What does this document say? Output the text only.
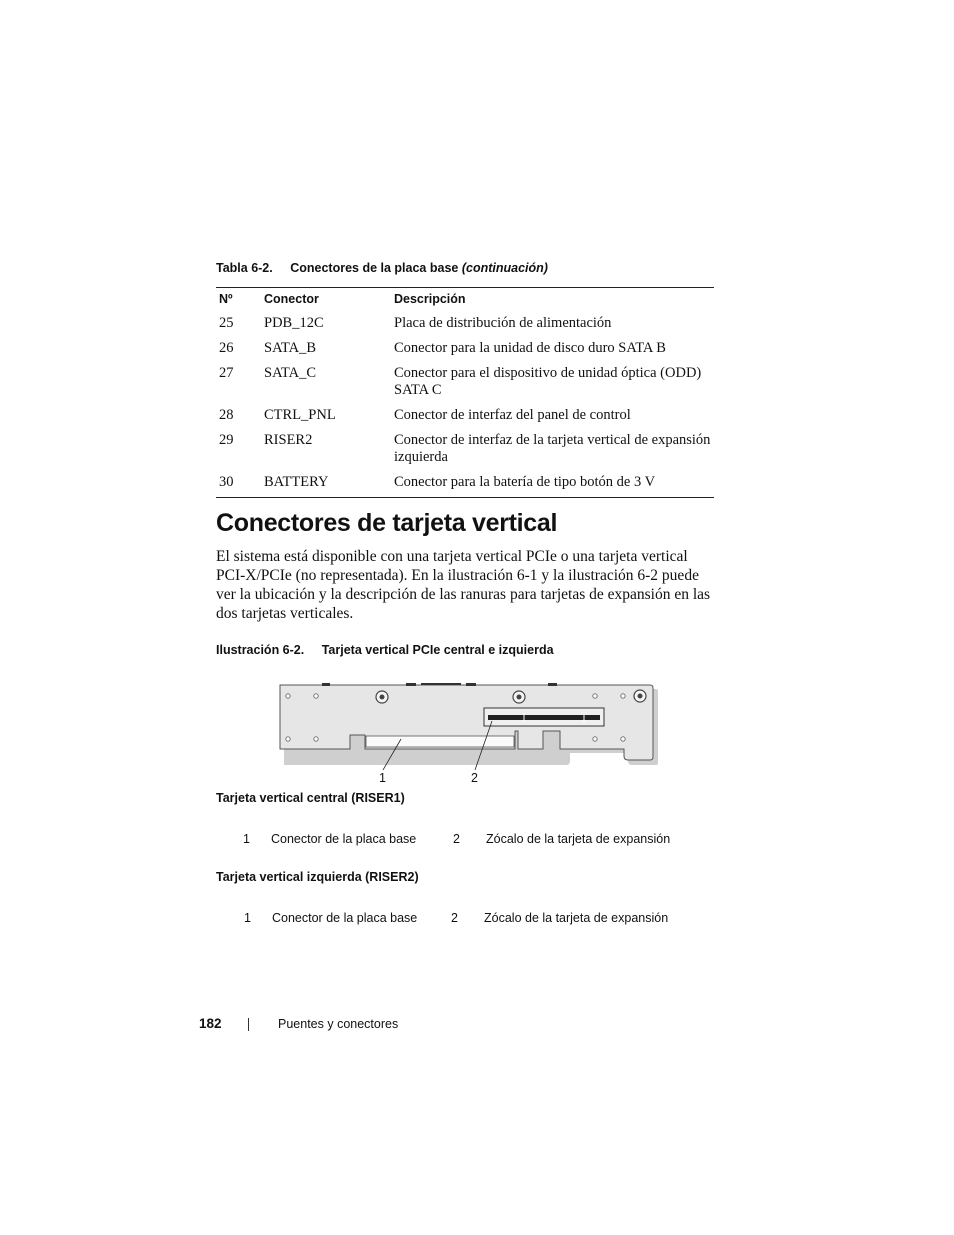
Tabla 6-2. Conectores de la placa base (continuación)
Nº	Conector	Descripción
25	PDB_12C	Placa de distribución de alimentación
26	SATA_B	Conector para la unidad de disco duro SATA B
27	SATA_C	Conector para el dispositivo de unidad óptica (ODD) SATA C
28	CTRL_PNL	Conector de interfaz del panel de control
29	RISER2	Conector de interfaz de la tarjeta vertical de expansión izquierda
30	BATTERY	Conector para la batería de tipo botón de 3 V
Conectores de tarjeta vertical

El sistema está disponible con una tarjeta vertical PCIe o una tarjeta vertical PCI-X/PCIe (no representada). En la ilustración 6-1 y la ilustración 6-2 puede ver la ubicación y la descripción de las ranuras para tarjetas de expansión en las dos tarjetas verticales.

Ilustración 6-2. Tarjeta vertical PCIe central e izquierda
1	2
Tarjeta vertical central (RISER1)
1 Conector de la placa base	2 Zócalo de la tarjeta de expansión
Tarjeta vertical izquierda (RISER2)
1 Conector de la placa base	2 Zócalo de la tarjeta de expansión
182	Puentes y conectores
